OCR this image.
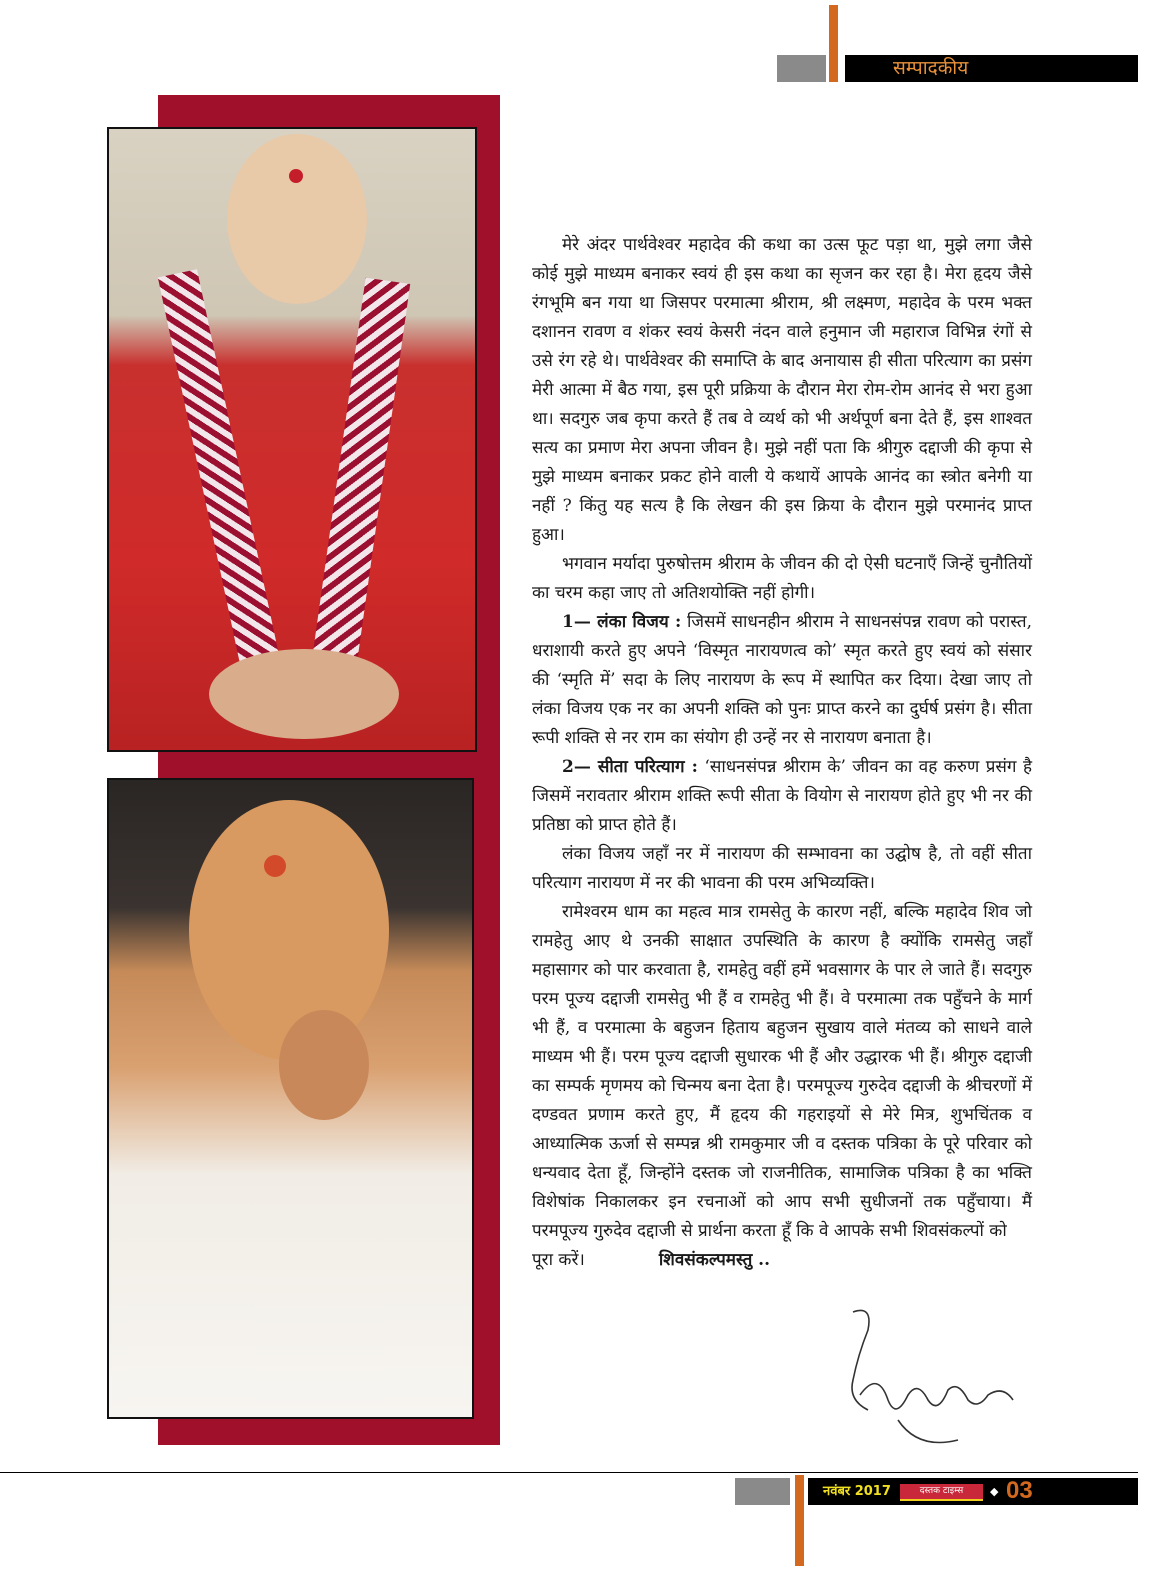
सम्पादकीय

मेरे अंदर पार्थवेश्वर महादेव की कथा का उत्स फूट पड़ा था, मुझे लगा जैसे कोई मुझे माध्यम बनाकर स्वयं ही इस कथा का सृजन कर रहा है। मेरा हृदय जैसे रंगभूमि बन गया था जिसपर परमात्मा श्रीराम, श्री लक्ष्मण, महादेव के परम भक्त दशानन रावण व शंकर स्वयं केसरी नंदन वाले हनुमान जी महाराज विभिन्न रंगों से उसे रंग रहे थे। पार्थवेश्वर की समाप्ति के बाद अनायास ही सीता परित्याग का प्रसंग मेरी आत्मा में बैठ गया, इस पूरी प्रक्रिया के दौरान मेरा रोम-रोम आनंद से भरा हुआ था। सदगुरु जब कृपा करते हैं तब वे व्यर्थ को भी अर्थपूर्ण बना देते हैं, इस शाश्वत सत्य का प्रमाण मेरा अपना जीवन है। मुझे नहीं पता कि श्रीगुरु दद्दाजी की कृपा से मुझे माध्यम बनाकर प्रकट होने वाली ये कथायें आपके आनंद का स्त्रोत बनेगी या नहीं ? किंतु यह सत्य है कि लेखन की इस क्रिया के दौरान मुझे परमानंद प्राप्त हुआ।

भगवान मर्यादा पुरुषोत्तम श्रीराम के जीवन की दो ऐसी घटनाएँ जिन्हें चुनौतियों का चरम कहा जाए तो अतिशयोक्ति नहीं होगी।

1— लंका विजय : जिसमें साधनहीन श्रीराम ने साधनसंपन्न रावण को परास्त, धराशायी करते हुए अपने ‘विस्मृत नारायणत्व को’ स्मृत करते हुए स्वयं को संसार की ‘स्मृति में’ सदा के लिए नारायण के रूप में स्थापित कर दिया। देखा जाए तो लंका विजय एक नर का अपनी शक्ति को पुनः प्राप्त करने का दुर्घर्ष प्रसंग है। सीता रूपी शक्ति से नर राम का संयोग ही उन्हें नर से नारायण बनाता है।

2— सीता परित्याग : ‘साधनसंपन्न श्रीराम के’ जीवन का वह करुण प्रसंग है जिसमें नरावतार श्रीराम शक्ति रूपी सीता के वियोग से नारायण होते हुए भी नर की प्रतिष्ठा को प्राप्त होते हैं।

लंका विजय जहाँ नर में नारायण की सम्भावना का उद्घोष है, तो वहीं सीता परित्याग नारायण में नर की भावना की परम अभिव्यक्ति।

रामेश्वरम धाम का महत्व मात्र रामसेतु के कारण नहीं, बल्कि महादेव शिव जो रामहेतु आए थे उनकी साक्षात उपस्थिति के कारण है क्योंकि रामसेतु जहाँ महासागर को पार करवाता है, रामहेतु वहीं हमें भवसागर के पार ले जाते हैं। सदगुरु परम पूज्य दद्दाजी रामसेतु भी हैं व रामहेतु भी हैं। वे परमात्मा तक पहुँचने के मार्ग भी हैं, व परमात्मा के बहुजन हिताय बहुजन सुखाय वाले मंतव्य को साधने वाले माध्यम भी हैं। परम पूज्य दद्दाजी सुधारक भी हैं और उद्धारक भी हैं। श्रीगुरु दद्दाजी का सम्पर्क मृणमय को चिन्मय बना देता है। परमपूज्य गुरुदेव दद्दाजी के श्रीचरणों में दण्डवत प्रणाम करते हुए, मैं हृदय की गहराइयों से मेरे मित्र, शुभचिंतक व आध्यात्मिक ऊर्जा से सम्पन्न श्री रामकुमार जी व दस्तक पत्रिका के पूरे परिवार को धन्यवाद देता हूँ, जिन्होंने दस्तक जो राजनीतिक, सामाजिक पत्रिका है का भक्ति विशेषांक निकालकर इन रचनाओं को आप सभी सुधीजनों तक पहुँचाया। मैं परमपूज्य गुरुदेव दद्दाजी से प्रार्थना करता हूँ कि वे आपके सभी शिवसंकल्पों को

पूरा करें।	शिवसंकल्पमस्तु ..

नवंबर 2017	दस्तक टाइम्स	◆ 03
